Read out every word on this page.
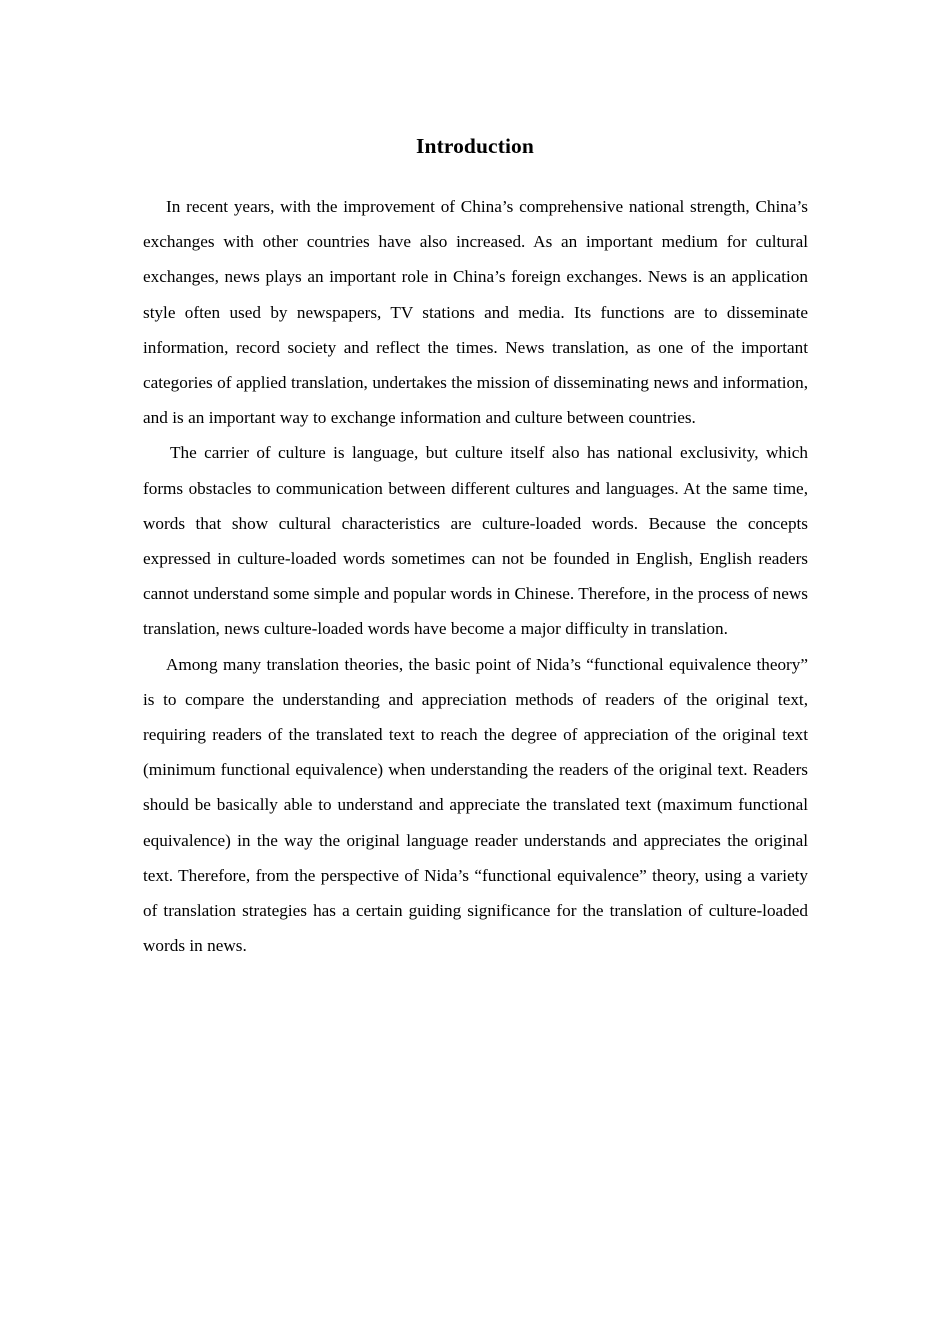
Introduction

In recent years, with the improvement of China’s comprehensive national strength, China’s exchanges with other countries have also increased. As an important medium for cultural exchanges, news plays an important role in China’s foreign exchanges. News is an application style often used by newspapers, TV stations and media. Its functions are to disseminate information, record society and reflect the times. News translation, as one of the important categories of applied translation, undertakes the mission of disseminating news and information, and is an important way to exchange information and culture between countries.

The carrier of culture is language, but culture itself also has national exclusivity, which forms obstacles to communication between different cultures and languages. At the same time, words that show cultural characteristics are culture-loaded words. Because the concepts expressed in culture-loaded words sometimes can not be founded in English, English readers cannot understand some simple and popular words in Chinese. Therefore, in the process of news translation, news culture-loaded words have become a major difficulty in translation.

Among many translation theories, the basic point of Nida’s “functional equivalence theory” is to compare the understanding and appreciation methods of readers of the original text, requiring readers of the translated text to reach the degree of appreciation of the original text (minimum functional equivalence) when understanding the readers of the original text. Readers should be basically able to understand and appreciate the translated text (maximum functional equivalence) in the way the original language reader understands and appreciates the original text. Therefore, from the perspective of Nida’s “functional equivalence” theory, using a variety of translation strategies has a certain guiding significance for the translation of culture-loaded words in news.
